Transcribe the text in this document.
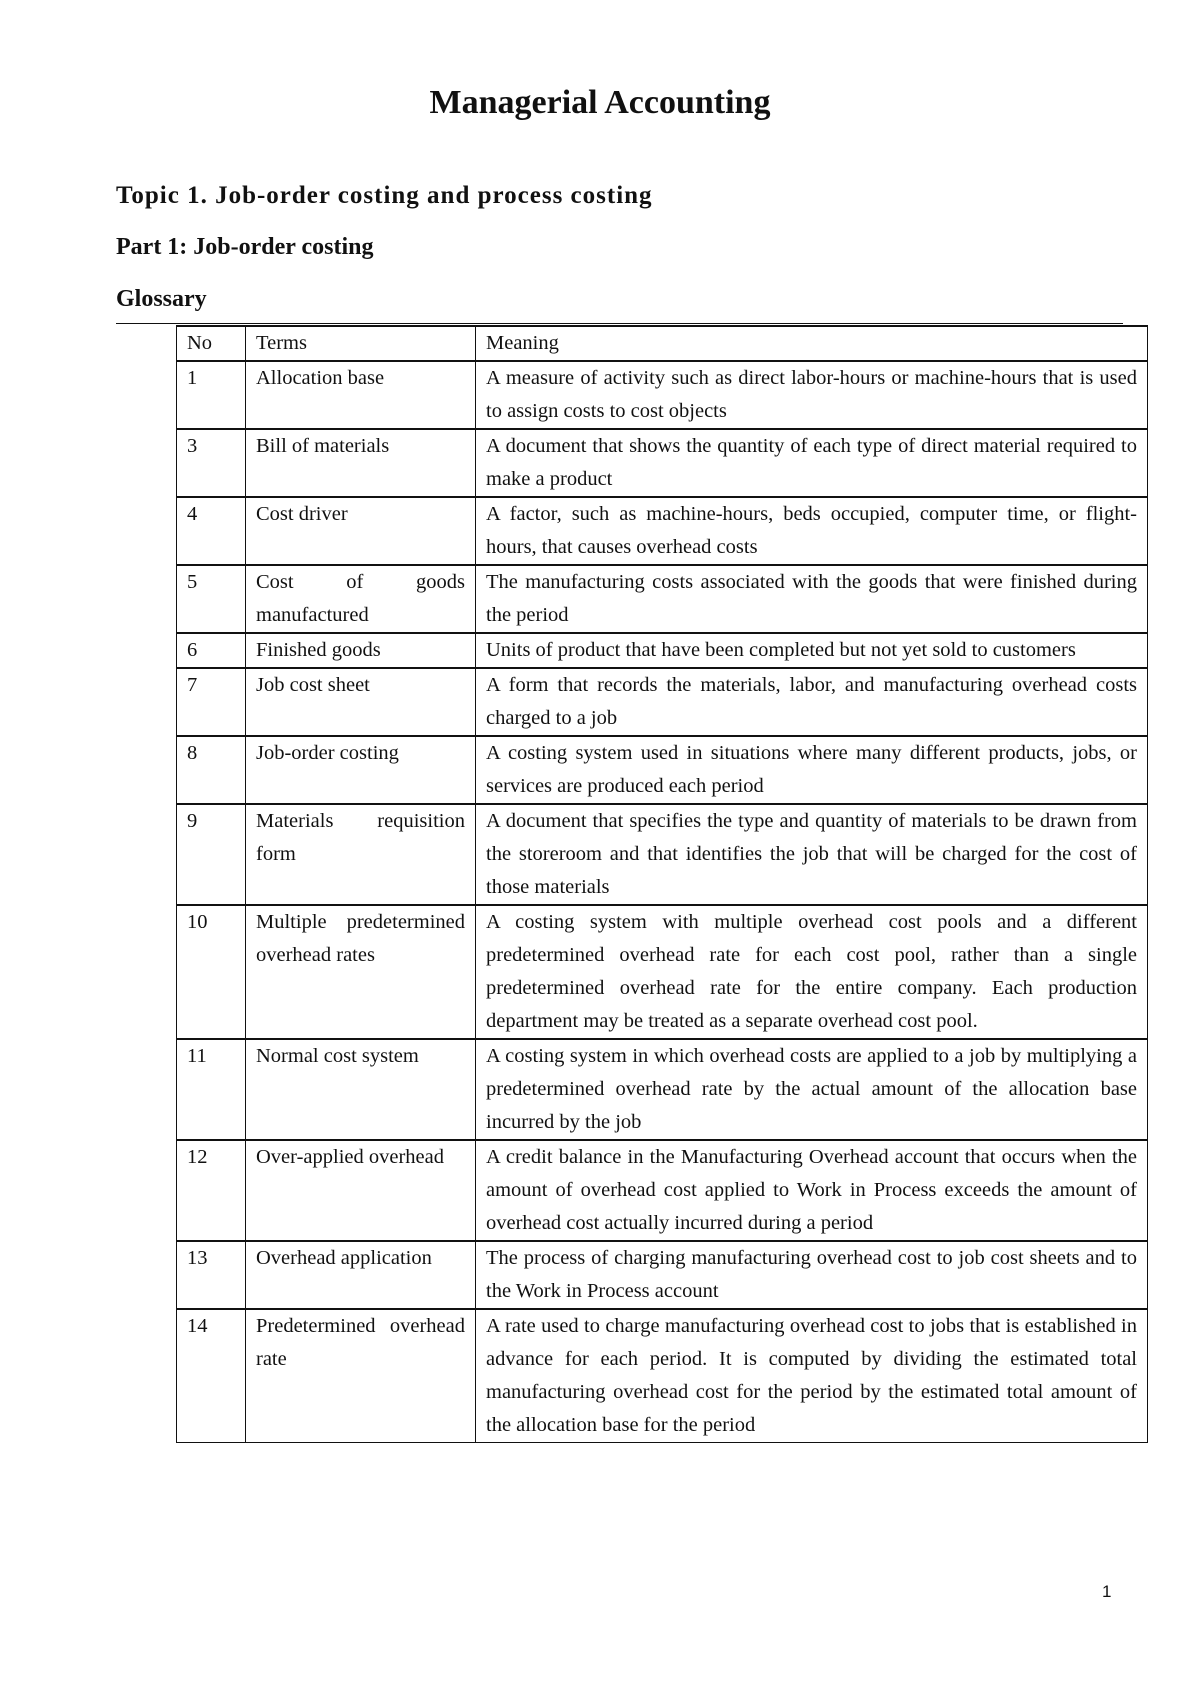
Managerial Accounting
Topic 1. Job-order costing and process costing
Part 1: Job-order costing
Glossary
No	Terms	Meaning
1	Allocation base	A measure of activity such as direct labor-hours or machine-hours that is used to assign costs to cost objects
3	Bill of materials	A document that shows the quantity of each type of direct material required to make a product
4	Cost driver	A factor, such as machine-hours, beds occupied, computer time, or flight-hours, that causes overhead costs
5	Cost of goods manufactured	The manufacturing costs associated with the goods that were finished during the period
6	Finished goods	Units of product that have been completed but not yet sold to customers
7	Job cost sheet	A form that records the materials, labor, and manufacturing overhead costs charged to a job
8	Job-order costing	A costing system used in situations where many different products, jobs, or services are produced each period
9	Materials requisition form	A document that specifies the type and quantity of materials to be drawn from the storeroom and that identifies the job that will be charged for the cost of those materials
10	Multiple predetermined overhead rates	A costing system with multiple overhead cost pools and a different predetermined overhead rate for each cost pool, rather than a single predetermined overhead rate for the entire company. Each production department may be treated as a separate overhead cost pool.
11	Normal cost system	A costing system in which overhead costs are applied to a job by multiplying a predetermined overhead rate by the actual amount of the allocation base incurred by the job
12	Over-applied overhead	A credit balance in the Manufacturing Overhead account that occurs when the amount of overhead cost applied to Work in Process exceeds the amount of overhead cost actually incurred during a period
13	Overhead application	The process of charging manufacturing overhead cost to job cost sheets and to the Work in Process account
14	Predetermined overhead rate	A rate used to charge manufacturing overhead cost to jobs that is established in advance for each period. It is computed by dividing the estimated total manufacturing overhead cost for the period by the estimated total amount of the allocation base for the period
1
